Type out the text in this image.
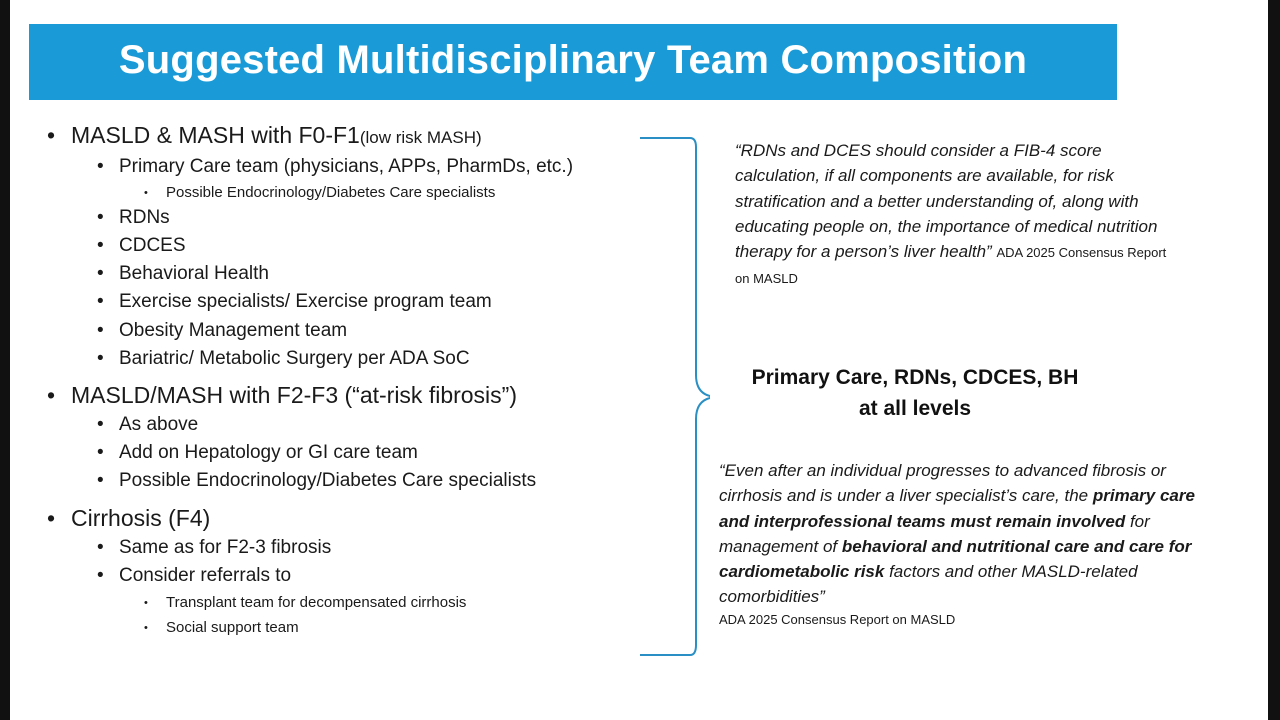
Suggested Multidisciplinary Team Composition
• MASLD & MASH with F0-F1(low risk MASH)
• Primary Care team (physicians, APPs, PharmDs, etc.)
• Possible Endocrinology/Diabetes Care specialists
• RDNs
• CDCES
• Behavioral Health
• Exercise specialists/ Exercise program team
• Obesity Management team
• Bariatric/ Metabolic Surgery per ADA SoC
• MASLD/MASH with F2-F3 (“at-risk fibrosis”)
• As above
• Add on Hepatology or GI care team
• Possible Endocrinology/Diabetes Care specialists
• Cirrhosis (F4)
• Same as for F2-3 fibrosis
• Consider referrals to
• Transplant team for decompensated cirrhosis
• Social support team
Primary Care, RDNs, CDCES, BH
at all levels
“RDNs and DCES should consider a FIB-4 score calculation, if all components are available, for risk stratification and a better understanding of, along with educating people on, the importance of medical nutrition therapy for a person’s liver health” ADA 2025 Consensus Report on MASLD
“Even after an individual progresses to advanced fibrosis or cirrhosis and is under a liver specialist’s care, the primary care and interprofessional teams must remain involved for management of behavioral and nutritional care and care for cardiometabolic risk factors and other MASLD-related comorbidities”
ADA 2025 Consensus Report on MASLD
